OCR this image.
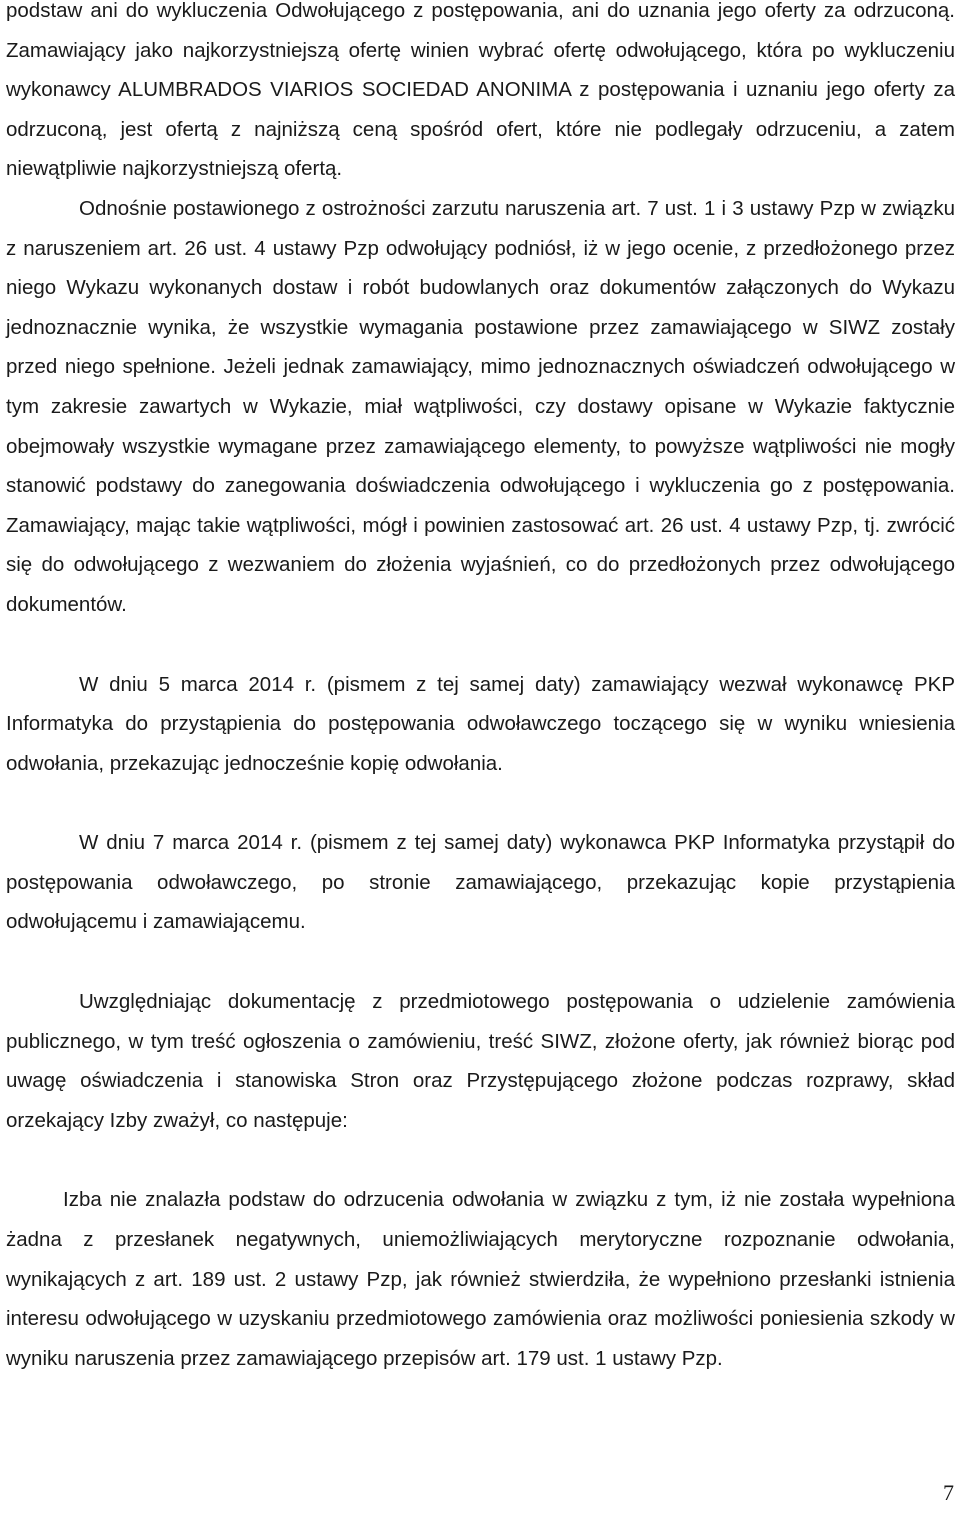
podstaw ani do wykluczenia Odwołującego z postępowania, ani do uznania jego oferty za odrzuconą. Zamawiający jako najkorzystniejszą ofertę winien wybrać ofertę odwołującego, która po wykluczeniu wykonawcy ALUMBRADOS VIARIOS SOCIEDAD ANONIMA z postępowania i uznaniu jego oferty za odrzuconą, jest ofertą z najniższą ceną spośród ofert, które nie podlegały odrzuceniu, a zatem niewątpliwie najkorzystniejszą ofertą.

Odnośnie postawionego z ostrożności zarzutu naruszenia art. 7 ust. 1 i 3 ustawy Pzp w związku z naruszeniem art. 26 ust. 4 ustawy Pzp odwołujący podniósł, iż w jego ocenie, z przedłożonego przez niego Wykazu wykonanych dostaw i robót budowlanych oraz dokumentów załączonych do Wykazu jednoznacznie wynika, że wszystkie wymagania postawione przez zamawiającego w SIWZ zostały przed niego spełnione. Jeżeli jednak zamawiający, mimo jednoznacznych oświadczeń odwołującego w tym zakresie zawartych w Wykazie, miał wątpliwości, czy dostawy opisane w Wykazie faktycznie obejmowały wszystkie wymagane przez zamawiającego elementy, to powyższe wątpliwości nie mogły stanowić podstawy do zanegowania doświadczenia odwołującego i wykluczenia go z postępowania. Zamawiający, mając takie wątpliwości, mógł i powinien zastosować art. 26 ust. 4 ustawy Pzp, tj. zwrócić się do odwołującego z wezwaniem do złożenia wyjaśnień, co do przedłożonych przez odwołującego dokumentów.

W dniu 5 marca 2014 r. (pismem z tej samej daty) zamawiający wezwał wykonawcę PKP Informatyka do przystąpienia do postępowania odwoławczego toczącego się w wyniku wniesienia odwołania, przekazując jednocześnie kopię odwołania.

W dniu 7 marca 2014 r. (pismem z tej samej daty) wykonawca PKP Informatyka przystąpił do postępowania odwoławczego, po stronie zamawiającego, przekazując kopie przystąpienia odwołującemu i zamawiającemu.

Uwzględniając dokumentację z przedmiotowego postępowania o udzielenie zamówienia publicznego, w tym treść ogłoszenia o zamówieniu, treść SIWZ, złożone oferty, jak również biorąc pod uwagę oświadczenia i stanowiska Stron oraz Przystępującego złożone podczas rozprawy, skład orzekający Izby zważył, co następuje:

Izba nie znalazła podstaw do odrzucenia odwołania w związku z tym, iż nie została wypełniona żadna z przesłanek negatywnych, uniemożliwiających merytoryczne rozpoznanie odwołania, wynikających z art. 189 ust. 2 ustawy Pzp, jak również stwierdziła, że wypełniono przesłanki istnienia interesu odwołującego w uzyskaniu przedmiotowego zamówienia oraz możliwości poniesienia szkody w wyniku naruszenia przez zamawiającego przepisów art. 179 ust. 1 ustawy Pzp.

7
